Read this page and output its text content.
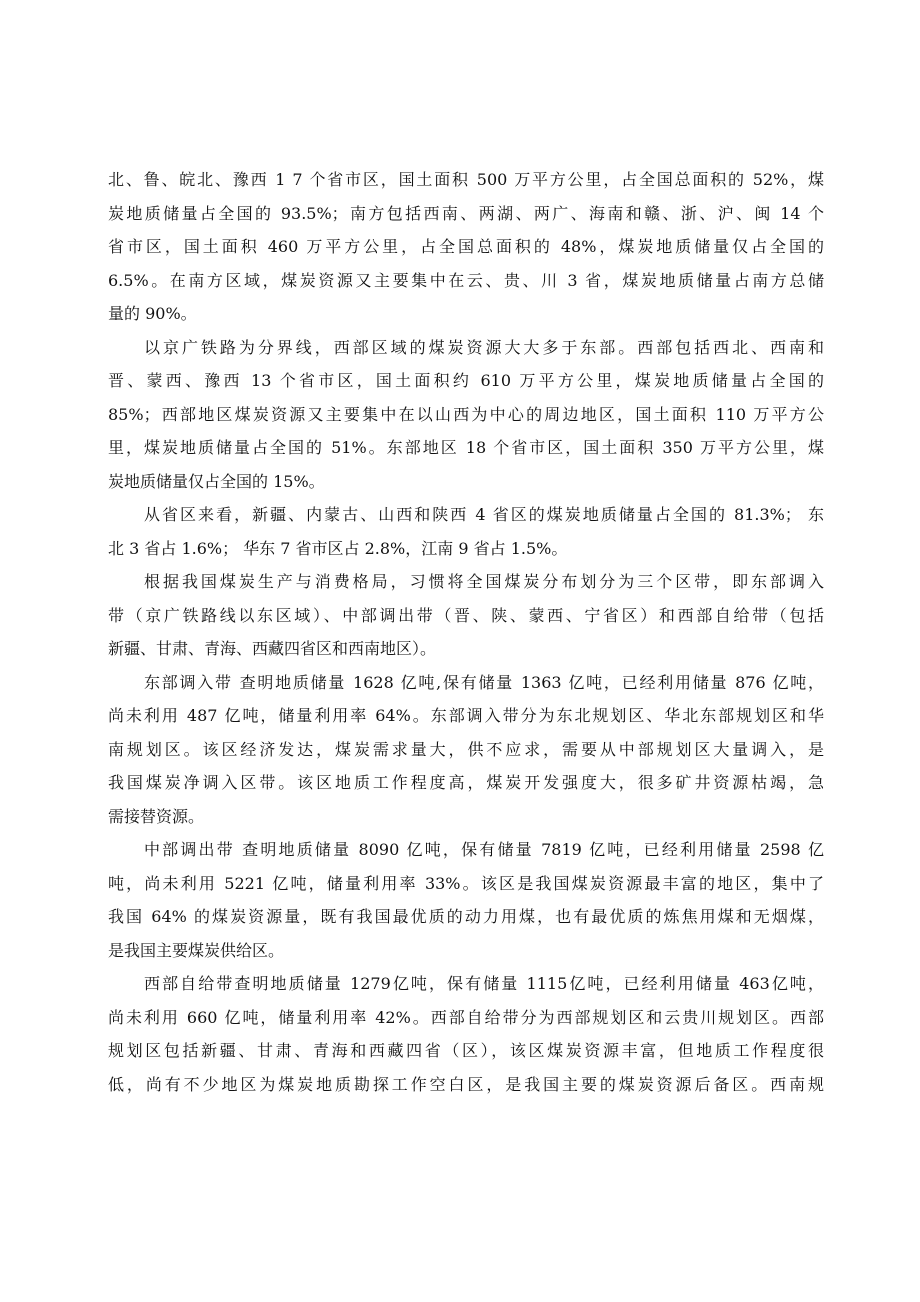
北、鲁、皖北、豫西 1 7 个省市区，国土面积 500 万平方公里，占全国总面积的 52%，煤
炭地质储量占全国的 93.5%；南方包括西南、两湖、两广、海南和赣、浙、沪、闽 14 个
省市区，国土面积 460 万平方公里，占全国总面积的 48%，煤炭地质储量仅占全国的
6.5%。在南方区域，煤炭资源又主要集中在云、贵、川 3 省，煤炭地质储量占南方总储
量的 90%。
以京广铁路为分界线，西部区域的煤炭资源大大多于东部。西部包括西北、西南和
晋、蒙西、豫西 13 个省市区，国土面积约 610 万平方公里，煤炭地质储量占全国的
85%；西部地区煤炭资源又主要集中在以山西为中心的周边地区，国土面积 110 万平方公
里，煤炭地质储量占全国的 51%。东部地区 18 个省市区，国土面积 350 万平方公里，煤
炭地质储量仅占全国的 15%。
从省区来看，新疆、内蒙古、山西和陕西 4 省区的煤炭地质储量占全国的 81.3%； 东
北 3 省占 1.6%； 华东 7 省市区占 2.8%，江南 9 省占 1.5%。
根据我国煤炭生产与消费格局，习惯将全国煤炭分布划分为三个区带，即东部调入
带（京广铁路线以东区域）、中部调出带（晋、陕、蒙西、宁省区）和西部自给带（包括
新疆、甘肃、青海、西藏四省区和西南地区）。
东部调入带 查明地质储量 1628 亿吨,保有储量 1363 亿吨，已经利用储量 876 亿吨，
尚未利用 487 亿吨，储量利用率 64%。东部调入带分为东北规划区、华北东部规划区和华
南规划区。该区经济发达，煤炭需求量大，供不应求，需要从中部规划区大量调入，是
我国煤炭净调入区带。该区地质工作程度高，煤炭开发强度大，很多矿井资源枯竭，急
需接替资源。
中部调出带 查明地质储量 8090 亿吨，保有储量 7819 亿吨，已经利用储量 2598 亿
吨，尚未利用 5221 亿吨，储量利用率 33%。该区是我国煤炭资源最丰富的地区，集中了
我国 64% 的煤炭资源量，既有我国最优质的动力用煤，也有最优质的炼焦用煤和无烟煤，
是我国主要煤炭供给区。
西部自给带查明地质储量 1279亿吨，保有储量 1115亿吨，已经利用储量 463亿吨，
尚未利用 660 亿吨，储量利用率 42%。西部自给带分为西部规划区和云贵川规划区。西部
规划区包括新疆、甘肃、青海和西藏四省（区），该区煤炭资源丰富，但地质工作程度很
低，尚有不少地区为煤炭地质勘探工作空白区，是我国主要的煤炭资源后备区。西南规
